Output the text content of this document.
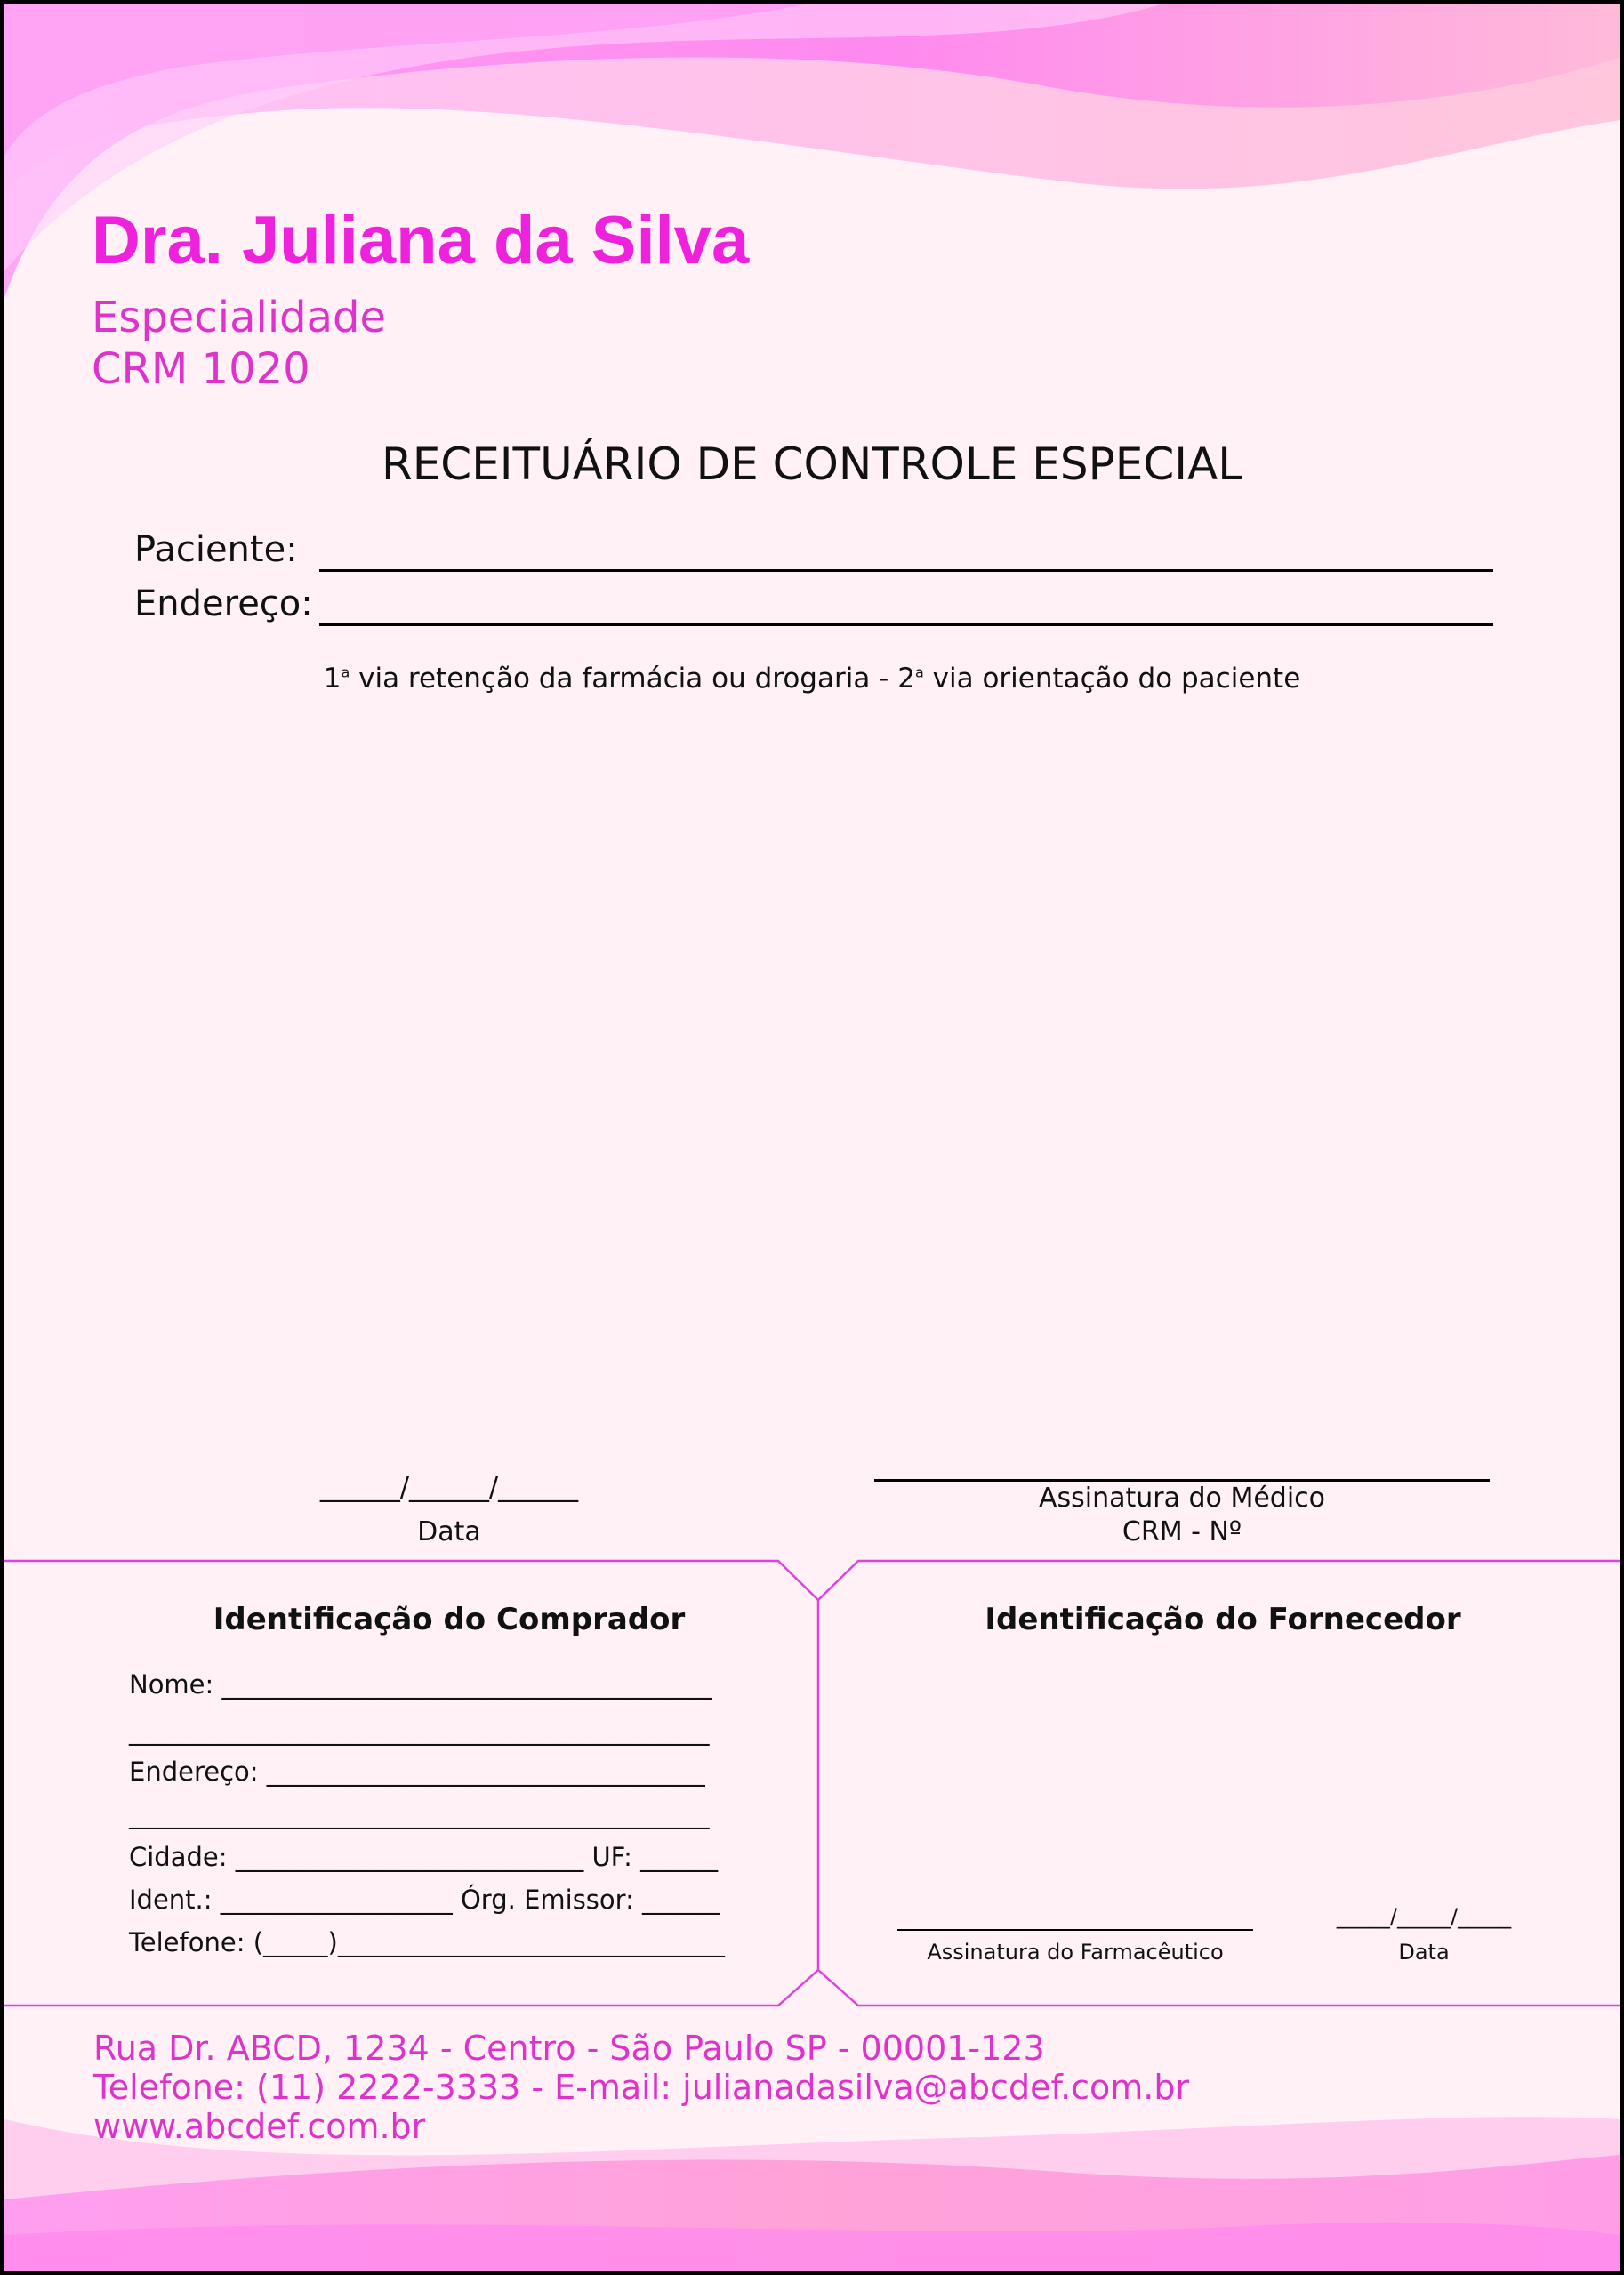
Dra. Juliana da Silva
Especialidade
CRM 1020
RECEITUÁRIO DE CONTROLE ESPECIAL
Paciente:
Endereço:
1$^a$ via retenção da farmácia ou drogaria - 2$^a$ via orientação do paciente
______/______/______
Data
Assinatura do Médico
CRM - Nº
Identificação do Comprador	Identificação do Fornecedor
Nome: ______________________________________
_____________________________________________
Endereço: __________________________________
_____________________________________________
Cidade: ___________________________ UF: ______
Ident.: __________________ Órg. Emissor: ______
Telefone: (_____)______________________________	Assinatura do Farmacêutico
_____/_____/_____
Data
Rua Dr. ABCD, 1234 - Centro - São Paulo SP - 00001-123
Telefone: (11) 2222-3333 - E-mail: julianadasilva@abcdef.com.br
www.abcdef.com.br
